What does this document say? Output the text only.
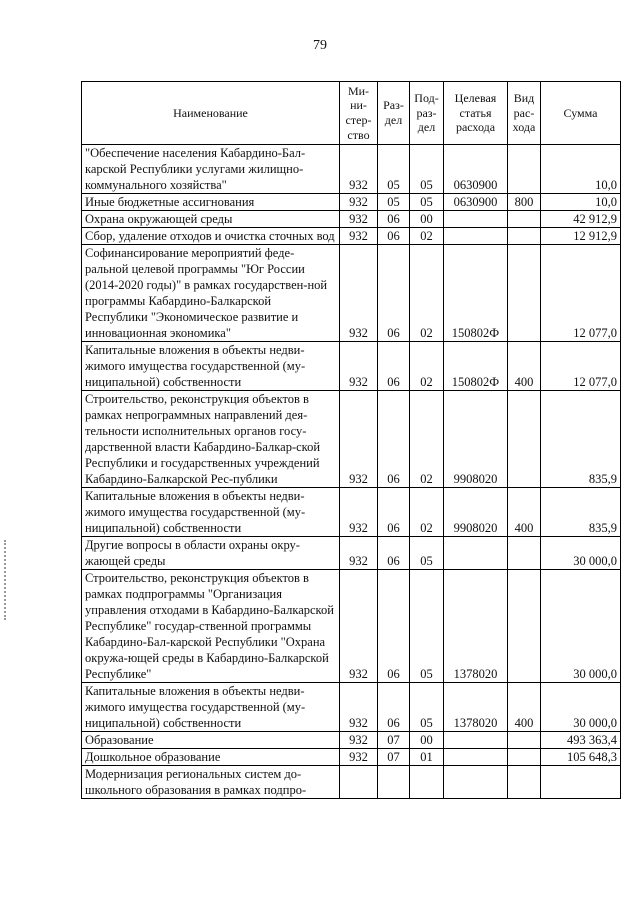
79
Наименование	Ми-ни-стер-ство	Раз-дел	Под-раз-дел	Целевая статья расхода	Вид рас-хода	Сумма
"Обеспечение населения Кабардино-Бал-карской Республики услугами жилищно-коммунального хозяйства"	932	05	05	0630900		10,0
Иные бюджетные ассигнования	932	05	05	0630900	800	10,0
Охрана окружающей среды	932	06	00			42 912,9
Сбор, удаление отходов и очистка сточных вод	932	06	02			12 912,9
Софинансирование мероприятий феде-ральной целевой программы "Юг России (2014-2020 годы)" в рамках государствен-ной программы Кабардино-Балкарской Республики "Экономическое развитие и инновационная экономика"	932	06	02	150802Ф		12 077,0
Капитальные вложения в объекты недви-жимого имущества государственной (му-ниципальной) собственности	932	06	02	150802Ф	400	12 077,0
Строительство, реконструкция объектов в рамках непрограммных направлений дея-тельности исполнительных органов госу-дарственной власти Кабардино-Балкар-ской Республики и государственных учреждений Кабардино-Балкарской Рес-публики	932	06	02	9908020		835,9
Капитальные вложения в объекты недви-жимого имущества государственной (му-ниципальной) собственности	932	06	02	9908020	400	835,9
Другие вопросы в области охраны окру-жающей среды	932	06	05			30 000,0
Строительство, реконструкция объектов в рамках подпрограммы "Организация управления отходами в Кабардино-Балкарской Республике" государ-ственной программы Кабардино-Бал-карской Республики "Охрана окружа-ющей среды в Кабардино-Балкарской Республике"	932	06	05	1378020		30 000,0
Капитальные вложения в объекты недви-жимого имущества государственной (му-ниципальной) собственности	932	06	05	1378020	400	30 000,0
Образование	932	07	00			493 363,4
Дошкольное образование	932	07	01			105 648,3
Модернизация региональных систем до-школьного образования в рамках подпро-						
